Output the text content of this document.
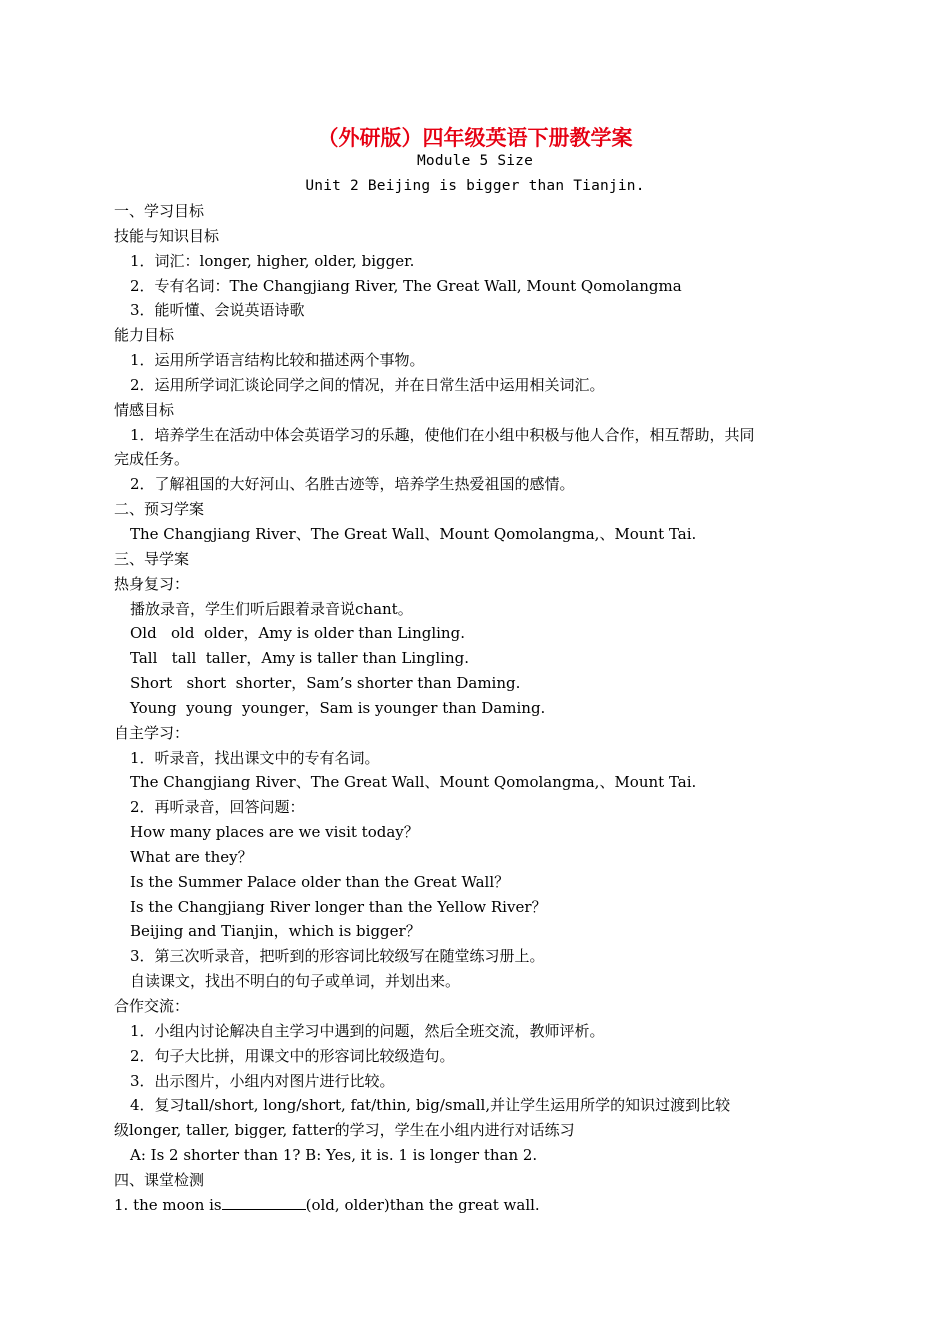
（外研版）四年级英语下册教学案
Module 5 Size
Unit 2 Beijing is bigger than Tianjin.
一、学习目标
技能与知识目标
1．词汇：longer, higher, older, bigger.
2．专有名词：The Changjiang River, The Great Wall, Mount Qomolangma
3．能听懂、会说英语诗歌
能力目标
1．运用所学语言结构比较和描述两个事物。
2．运用所学词汇谈论同学之间的情况，并在日常生活中运用相关词汇。
情感目标
1．培养学生在活动中体会英语学习的乐趣，使他们在小组中积极与他人合作，相互帮助，共同
完成任务。
2．了解祖国的大好河山、名胜古迹等，培养学生热爱祖国的感情。
二、预习学案
The Changjiang River、The Great Wall、Mount Qomolangma,、Mount Tai.
三、导学案
热身复习：
播放录音，学生们听后跟着录音说chant。
Old   old  older，Amy is older than Lingling.
Tall   tall  taller，Amy is taller than Lingling.
Short   short  shorter，Sam’s shorter than Daming.
Young  young  younger，Sam is younger than Daming.
自主学习：
1．听录音，找出课文中的专有名词。
The Changjiang River、The Great Wall、Mount Qomolangma,、Mount Tai.
2．再听录音，回答问题：
How many places are we visit today？
What are they？
Is the Summer Palace older than the Great Wall？
Is the Changjiang River longer than the Yellow River？
Beijing and Tianjin，which is bigger？
3．第三次听录音，把听到的形容词比较级写在随堂练习册上。
自读课文，找出不明白的句子或单词，并划出来。
合作交流：
1．小组内讨论解决自主学习中遇到的问题，然后全班交流，教师评析。
2．句子大比拼，用课文中的形容词比较级造句。
3．出示图片，小组内对图片进行比较。
4．复习tall/short, long/short, fat/thin, big/small,并让学生运用所学的知识过渡到比较
级longer, taller, bigger, fatter的学习，学生在小组内进行对话练习
A: Is 2 shorter than 1? B: Yes, it is. 1 is longer than 2.
四、课堂检测
1. the moon is	(old, older)than the great wall.
